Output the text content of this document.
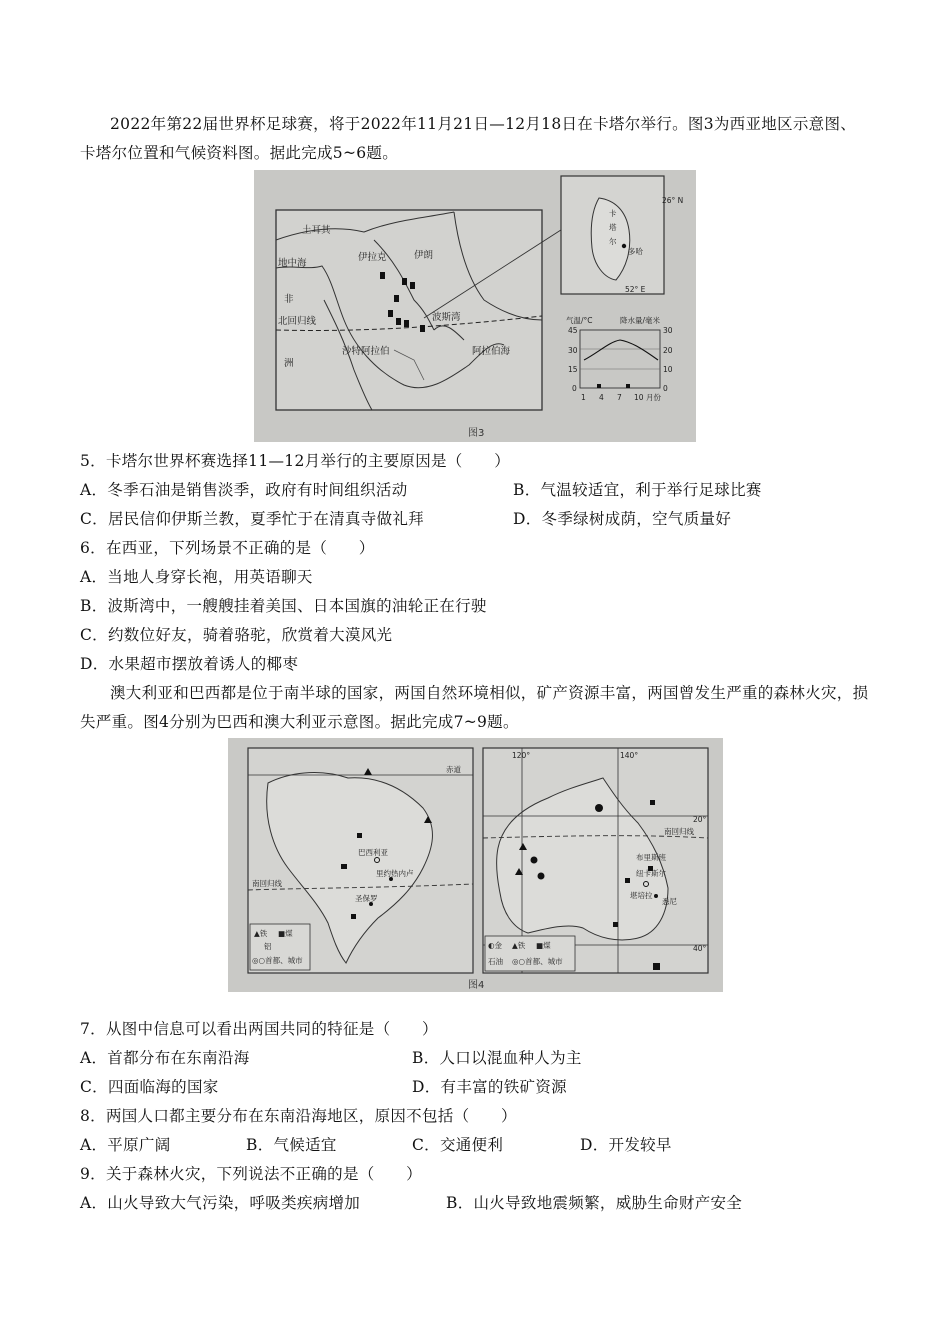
2022年第22届世界杯足球赛，将于2022年11月21日—12月18日在卡塔尔举行。图3为西亚地区示意图、卡塔尔位置和气候资料图。据此完成5~6题。
土耳其
地中海
伊拉克	伊朗
非
洲
北回归线
沙特阿拉伯	阿拉伯海
波斯湾
卡
塔
尔
多哈
26° N
52° E
气温/°C	降水量/毫米
45
30
15
0
30
20
10
0
1 4 7 10 月份
图3
5．卡塔尔世界杯赛选择11—12月举行的主要原因是（　　）
A．冬季石油是销售淡季，政府有时间组织活动	B．气温较适宜，利于举行足球比赛
C．居民信仰伊斯兰教，夏季忙于在清真寺做礼拜	D．冬季绿树成荫，空气质量好
6．在西亚，下列场景不正确的是（　　）
A．当地人身穿长袍，用英语聊天
B．波斯湾中，一艘艘挂着美国、日本国旗的油轮正在行驶
C．约数位好友，骑着骆驼，欣赏着大漠风光
D．水果超市摆放着诱人的椰枣
澳大利亚和巴西都是位于南半球的国家，两国自然环境相似，矿产资源丰富，两国曾发生严重的森林火灾，损失严重。图4分别为巴西和澳大利亚示意图。据此完成7~9题。
赤道
巴西利亚
里约热内卢
圣保罗
南回归线
▲铁 ■煤
铝
◎○首都、城市
120°	140°
20°
40°
南回归线
布里斯班
纽卡斯尔
堪培拉
悉尼
◐金 ▲铁 ■煤
石油 ◎○首都、城市
图4
7．从图中信息可以看出两国共同的特征是（　　）
A．首都分布在东南沿海	B．人口以混血种人为主
C．四面临海的国家	D．有丰富的铁矿资源
8．两国人口都主要分布在东南沿海地区，原因不包括（　　）
A．平原广阔	B．气候适宜	C．交通便利	D．开发较早
9．关于森林火灾，下列说法不正确的是（　　）
A．山火导致大气污染，呼吸类疾病增加	B．山火导致地震频繁，威胁生命财产安全
